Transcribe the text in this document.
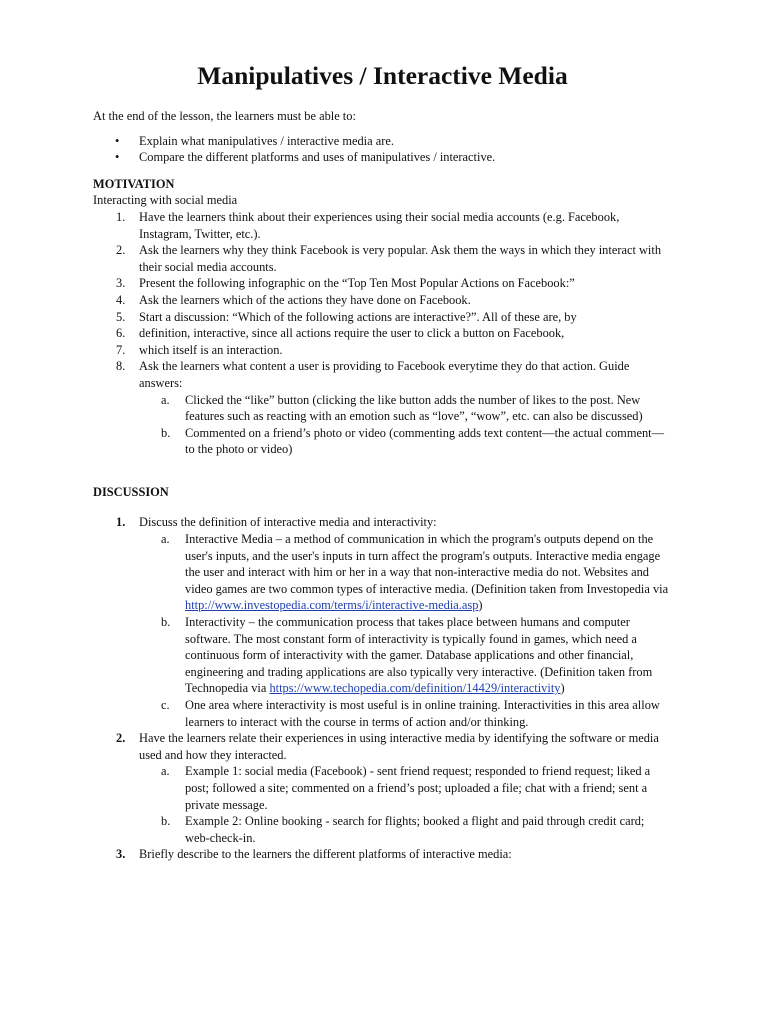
Manipulatives / Interactive Media

At the end of the lesson, the learners must be able to:

• Explain what manipulatives / interactive media are.
• Compare the different platforms and uses of manipulatives / interactive.
MOTIVATION

Interacting with social media

1. Have the learners think about their experiences using their social media accounts (e.g. Facebook, Instagram, Twitter, etc.).
2. Ask the learners why they think Facebook is very popular. Ask them the ways in which they interact with their social media accounts.
3. Present the following infographic on the “Top Ten Most Popular Actions on Facebook:”
4. Ask the learners which of the actions they have done on Facebook.
5. Start a discussion: “Which of the following actions are interactive?”. All of these are, by
6. definition, interactive, since all actions require the user to click a button on Facebook,
7. which itself is an interaction.
8. Ask the learners what content a user is providing to Facebook everytime they do that action. Guide answers:
a. Clicked the “like” button (clicking the like button adds the number of likes to the post. New features such as reacting with an emotion such as “love”, “wow”, etc. can also be discussed)
b. Commented on a friend’s photo or video (commenting adds text content—the actual comment—to the photo or video)
DISCUSSION
1. Discuss the definition of interactive media and interactivity:
a. Interactive Media – a method of communication in which the program's outputs depend on the user's inputs, and the user's inputs in turn affect the program's outputs. Interactive media engage the user and interact with him or her in a way that non-interactive media do not. Websites and video games are two common types of interactive media. (Definition taken from Investopedia via http://www.investopedia.com/terms/i/interactive-media.asp)
b. Interactivity – the communication process that takes place between humans and computer software. The most constant form of interactivity is typically found in games, which need a continuous form of interactivity with the gamer. Database applications and other financial, engineering and trading applications are also typically very interactive. (Definition taken from Technopedia via https://www.techopedia.com/definition/14429/interactivity)
c. One area where interactivity is most useful is in online training. Interactivities in this area allow learners to interact with the course in terms of action and/or thinking.
2. Have the learners relate their experiences in using interactive media by identifying the software or media used and how they interacted.
a. Example 1: social media (Facebook) - sent friend request; responded to friend request; liked a post; followed a site; commented on a friend’s post; uploaded a file; chat with a friend; sent a private message.
b. Example 2: Online booking - search for flights; booked a flight and paid through credit card; web-check-in.
3. Briefly describe to the learners the different platforms of interactive media:
